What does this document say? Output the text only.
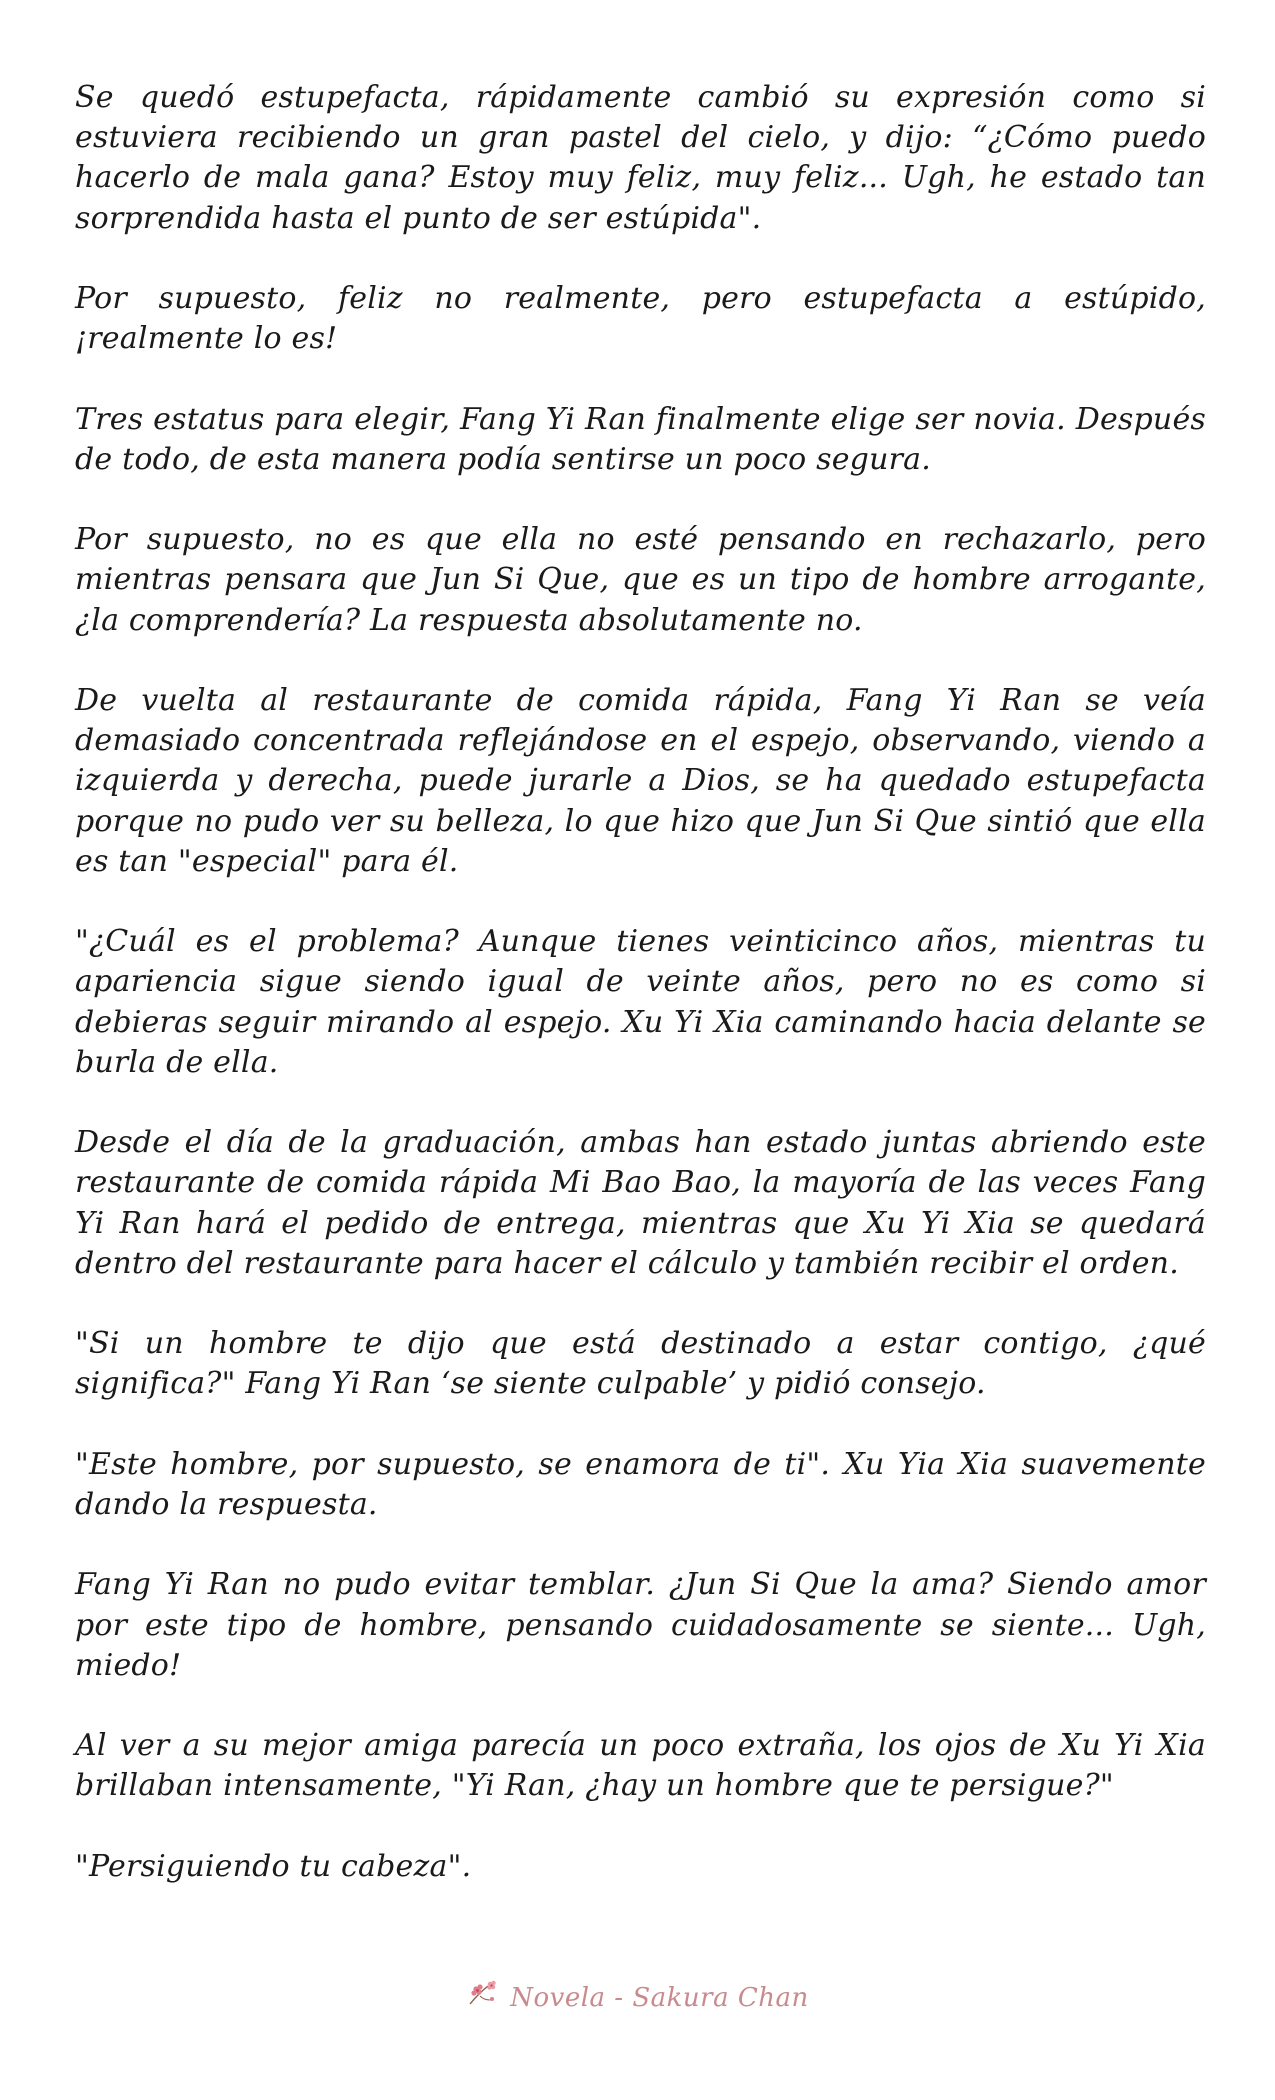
Se quedó estupefacta, rápidamente cambió su expresión como si estuviera recibiendo un gran pastel del cielo, y dijo: “¿Cómo puedo hacerlo de mala gana? Estoy muy feliz, muy feliz... Ugh, he estado tan sorprendida hasta el punto de ser estúpida".

Por supuesto, feliz no realmente, pero estupefacta a estúpido, ¡realmente lo es!

Tres estatus para elegir, Fang Yi Ran finalmente elige ser novia. Después de todo, de esta manera podía sentirse un poco segura.

Por supuesto, no es que ella no esté pensando en rechazarlo, pero mientras pensara que Jun Si Que, que es un tipo de hombre arrogante, ¿la comprendería? La respuesta absolutamente no.

De vuelta al restaurante de comida rápida, Fang Yi Ran se veía demasiado concentrada reflejándose en el espejo, observando, viendo a izquierda y derecha, puede jurarle a Dios, se ha quedado estupefacta porque no pudo ver su belleza, lo que hizo que Jun Si Que sintió que ella es tan "especial" para él.

"¿Cuál es el problema? Aunque tienes veinticinco años, mientras tu apariencia sigue siendo igual de veinte años, pero no es como si debieras seguir mirando al espejo. Xu Yi Xia caminando hacia delante se burla de ella.

Desde el día de la graduación, ambas han estado juntas abriendo este restaurante de comida rápida Mi Bao Bao, la mayoría de las veces Fang Yi Ran hará el pedido de entrega, mientras que Xu Yi Xia se quedará dentro del restaurante para hacer el cálculo y también recibir el orden.

"Si un hombre te dijo que está destinado a estar contigo, ¿qué significa?" Fang Yi Ran ‘se siente culpable’ y pidió consejo.

"Este hombre, por supuesto, se enamora de ti". Xu Yia Xia suavemente dando la respuesta.

Fang Yi Ran no pudo evitar temblar. ¿Jun Si Que la ama? Siendo amor por este tipo de hombre, pensando cuidadosamente se siente... Ugh, miedo!

Al ver a su mejor amiga parecía un poco extraña, los ojos de Xu Yi Xia brillaban intensamente, "Yi Ran, ¿hay un hombre que te persigue?"

"Persiguiendo tu cabeza".

Novela - Sakura Chan
